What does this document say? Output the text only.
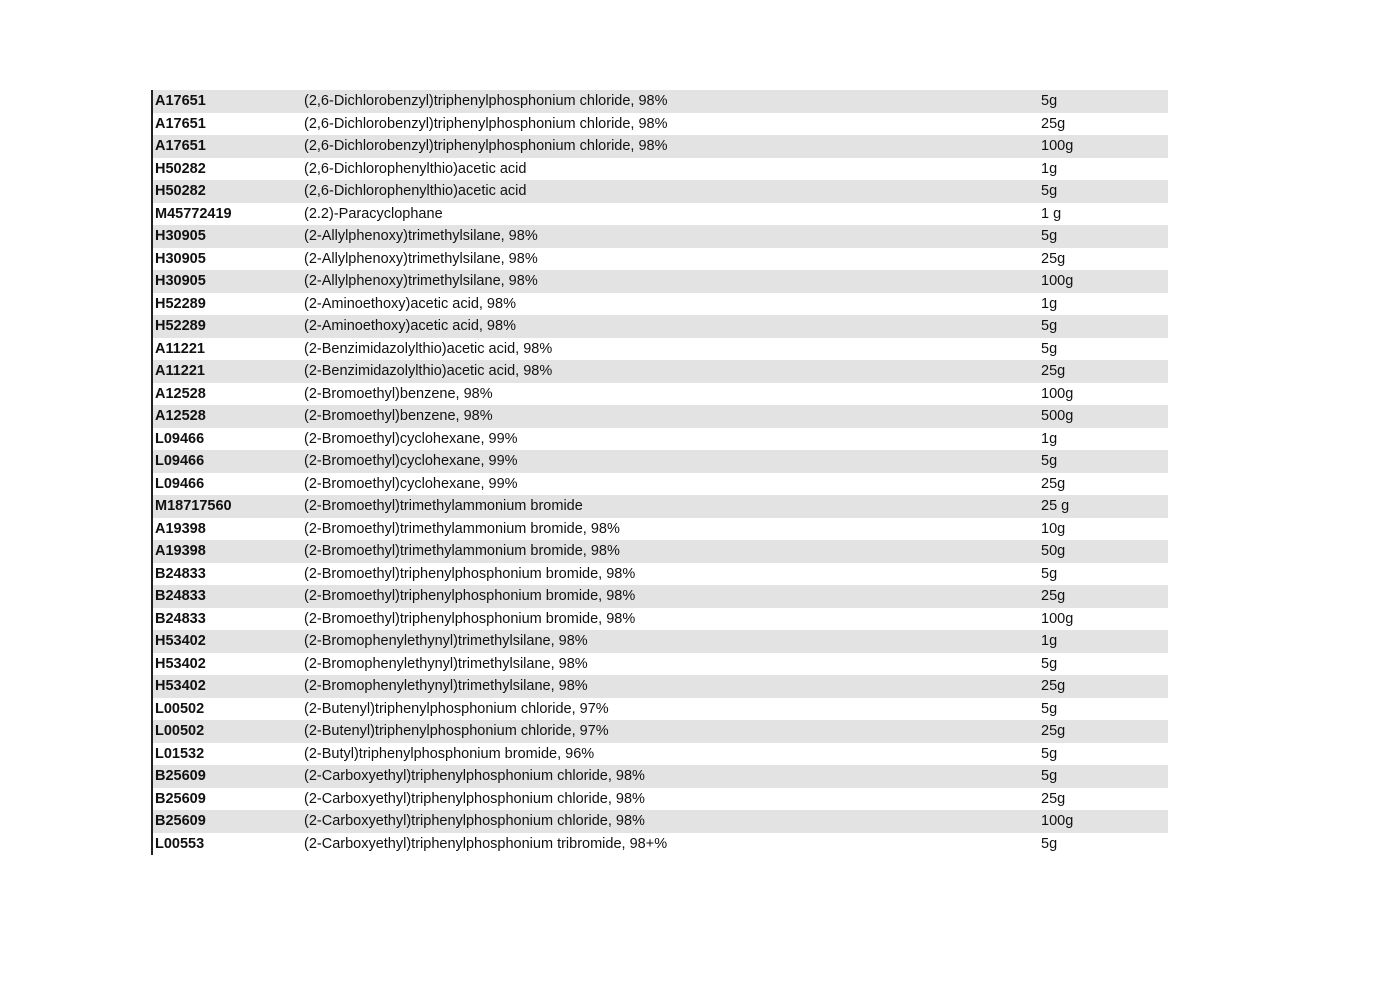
A17651	(2,6-Dichlorobenzyl)triphenylphosphonium chloride, 98%	5g
A17651	(2,6-Dichlorobenzyl)triphenylphosphonium chloride, 98%	25g
A17651	(2,6-Dichlorobenzyl)triphenylphosphonium chloride, 98%	100g
H50282	(2,6-Dichlorophenylthio)acetic acid	1g
H50282	(2,6-Dichlorophenylthio)acetic acid	5g
M45772419	(2.2)-Paracyclophane	1 g
H30905	(2-Allylphenoxy)trimethylsilane, 98%	5g
H30905	(2-Allylphenoxy)trimethylsilane, 98%	25g
H30905	(2-Allylphenoxy)trimethylsilane, 98%	100g
H52289	(2-Aminoethoxy)acetic acid, 98%	1g
H52289	(2-Aminoethoxy)acetic acid, 98%	5g
A11221	(2-Benzimidazolylthio)acetic acid, 98%	5g
A11221	(2-Benzimidazolylthio)acetic acid, 98%	25g
A12528	(2-Bromoethyl)benzene, 98%	100g
A12528	(2-Bromoethyl)benzene, 98%	500g
L09466	(2-Bromoethyl)cyclohexane, 99%	1g
L09466	(2-Bromoethyl)cyclohexane, 99%	5g
L09466	(2-Bromoethyl)cyclohexane, 99%	25g
M18717560	(2-Bromoethyl)trimethylammonium bromide	25 g
A19398	(2-Bromoethyl)trimethylammonium bromide, 98%	10g
A19398	(2-Bromoethyl)trimethylammonium bromide, 98%	50g
B24833	(2-Bromoethyl)triphenylphosphonium bromide, 98%	5g
B24833	(2-Bromoethyl)triphenylphosphonium bromide, 98%	25g
B24833	(2-Bromoethyl)triphenylphosphonium bromide, 98%	100g
H53402	(2-Bromophenylethynyl)trimethylsilane, 98%	1g
H53402	(2-Bromophenylethynyl)trimethylsilane, 98%	5g
H53402	(2-Bromophenylethynyl)trimethylsilane, 98%	25g
L00502	(2-Butenyl)triphenylphosphonium chloride, 97%	5g
L00502	(2-Butenyl)triphenylphosphonium chloride, 97%	25g
L01532	(2-Butyl)triphenylphosphonium bromide, 96%	5g
B25609	(2-Carboxyethyl)triphenylphosphonium chloride, 98%	5g
B25609	(2-Carboxyethyl)triphenylphosphonium chloride, 98%	25g
B25609	(2-Carboxyethyl)triphenylphosphonium chloride, 98%	100g
L00553	(2-Carboxyethyl)triphenylphosphonium tribromide, 98+%	5g
